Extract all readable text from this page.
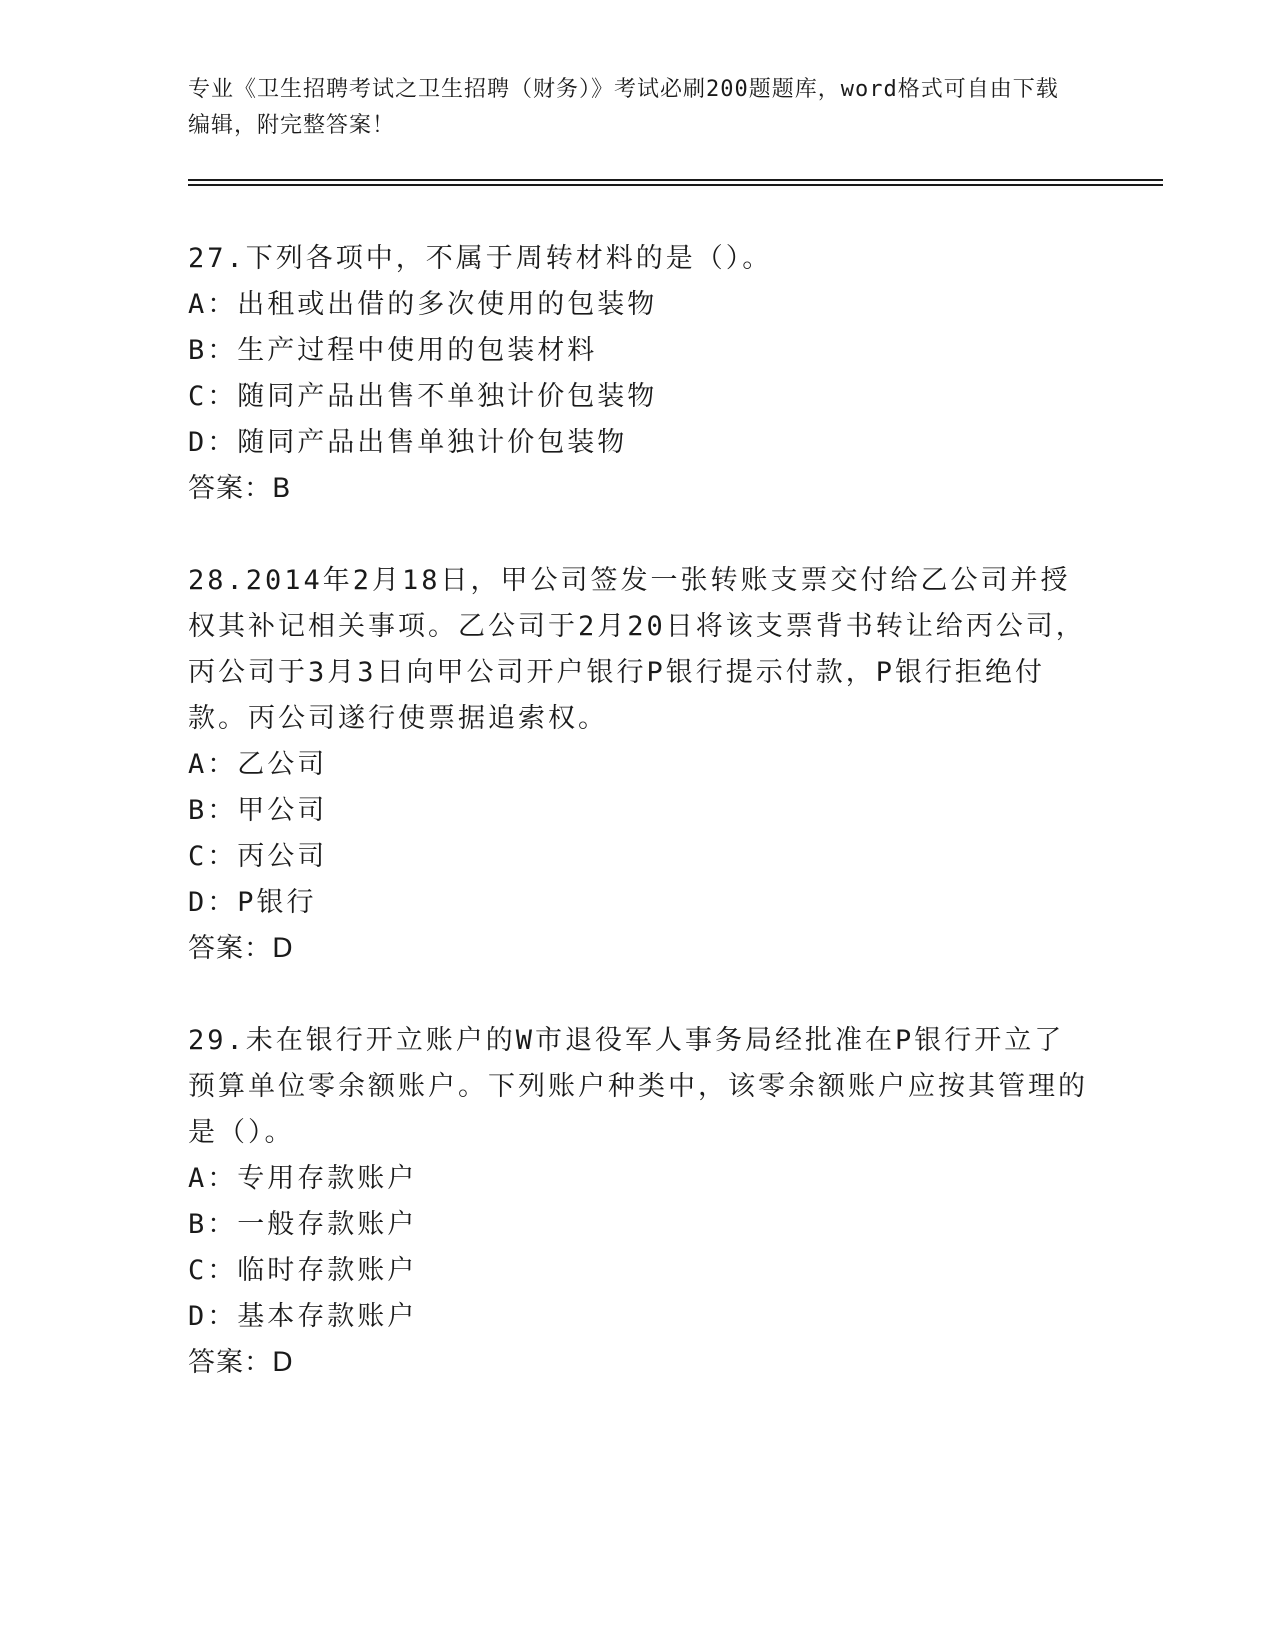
专业《卫生招聘考试之卫生招聘（财务）》考试必刷200题题库，word格式可自由下载编辑，附完整答案！

27.下列各项中，不属于周转材料的是（）。

A：出租或出借的多次使用的包装物

B：生产过程中使用的包装材料

C：随同产品出售不单独计价包装物

D：随同产品出售单独计价包装物

答案：B

28.2014年2月18日，甲公司签发一张转账支票交付给乙公司并授权其补记相关事项。乙公司于2月20日将该支票背书转让给丙公司，丙公司于3月3日向甲公司开户银行P银行提示付款，P银行拒绝付款。丙公司遂行使票据追索权。

A：乙公司

B：甲公司

C：丙公司

D：P银行

答案：D

29.未在银行开立账户的W市退役军人事务局经批准在P银行开立了预算单位零余额账户。下列账户种类中，该零余额账户应按其管理的是（）。

A：专用存款账户

B：一般存款账户

C：临时存款账户

D：基本存款账户

答案：D
